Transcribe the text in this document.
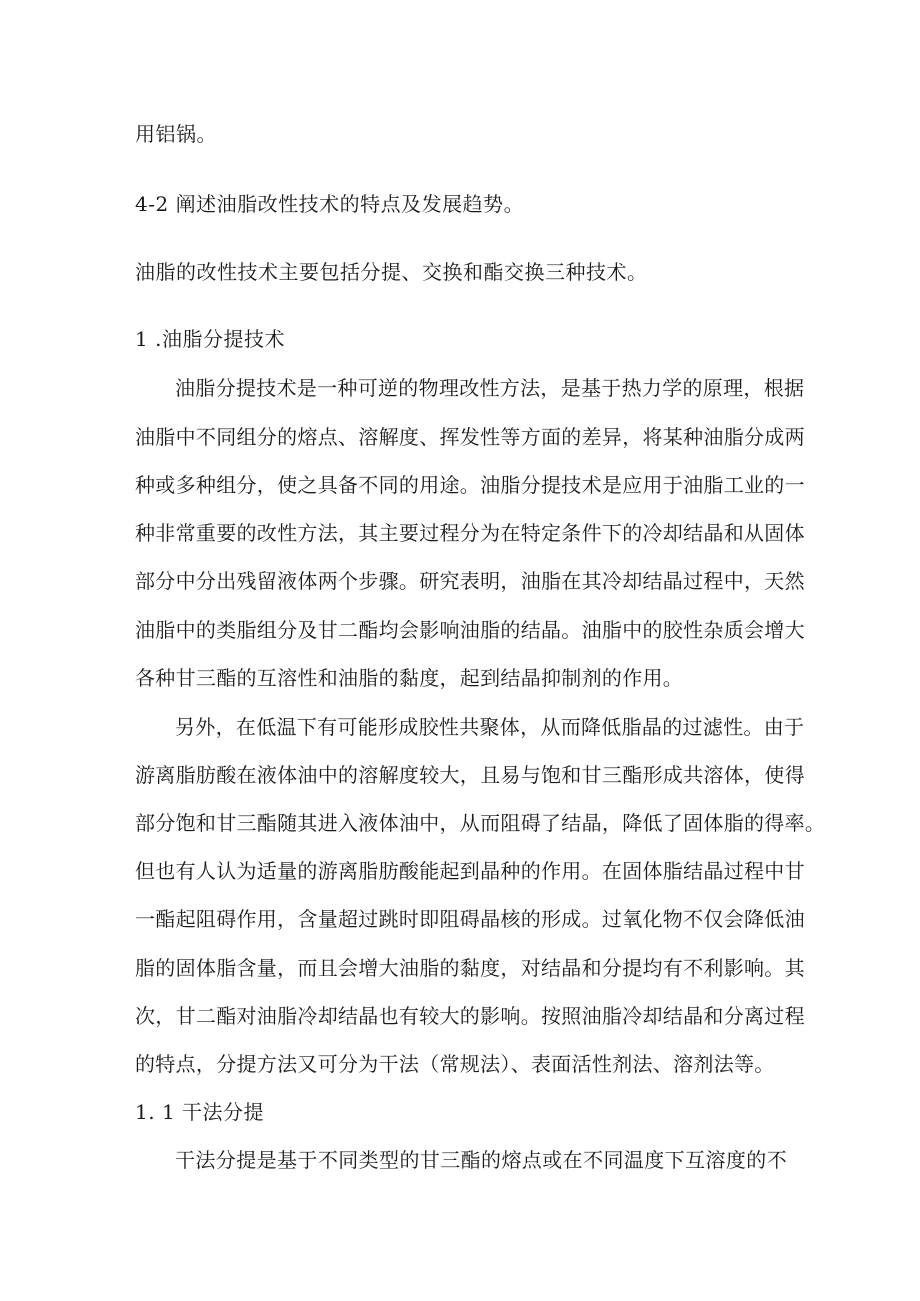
用铝锅。
4-2 阐述油脂改性技术的特点及发展趋势。
油脂的改性技术主要包括分提、交换和酯交换三种技术。
1 .油脂分提技术
油脂分提技术是一种可逆的物理改性方法，是基于热力学的原理，根据
油脂中不同组分的熔点、溶解度、挥发性等方面的差异，将某种油脂分成两
种或多种组分，使之具备不同的用途。油脂分提技术是应用于油脂工业的一
种非常重要的改性方法，其主要过程分为在特定条件下的冷却结晶和从固体
部分中分出残留液体两个步骤。研究表明，油脂在其冷却结晶过程中，天然
油脂中的类脂组分及甘二酯均会影响油脂的结晶。油脂中的胶性杂质会增大
各种甘三酯的互溶性和油脂的黏度，起到结晶抑制剂的作用。
另外，在低温下有可能形成胶性共聚体，从而降低脂晶的过滤性。由于
游离脂肪酸在液体油中的溶解度较大，且易与饱和甘三酯形成共溶体，使得
部分饱和甘三酯随其进入液体油中，从而阻碍了结晶，降低了固体脂的得率。
但也有人认为适量的游离脂肪酸能起到晶种的作用。在固体脂结晶过程中甘
一酯起阻碍作用，含量超过跳时即阻碍晶核的形成。过氧化物不仅会降低油
脂的固体脂含量，而且会增大油脂的黏度，对结晶和分提均有不利影响。其
次，甘二酯对油脂冷却结晶也有较大的影响。按照油脂冷却结晶和分离过程
的特点，分提方法又可分为干法（常规法）、表面活性剂法、溶剂法等。
1. 1 干法分提
干法分提是基于不同类型的甘三酯的熔点或在不同温度下互溶度的不
